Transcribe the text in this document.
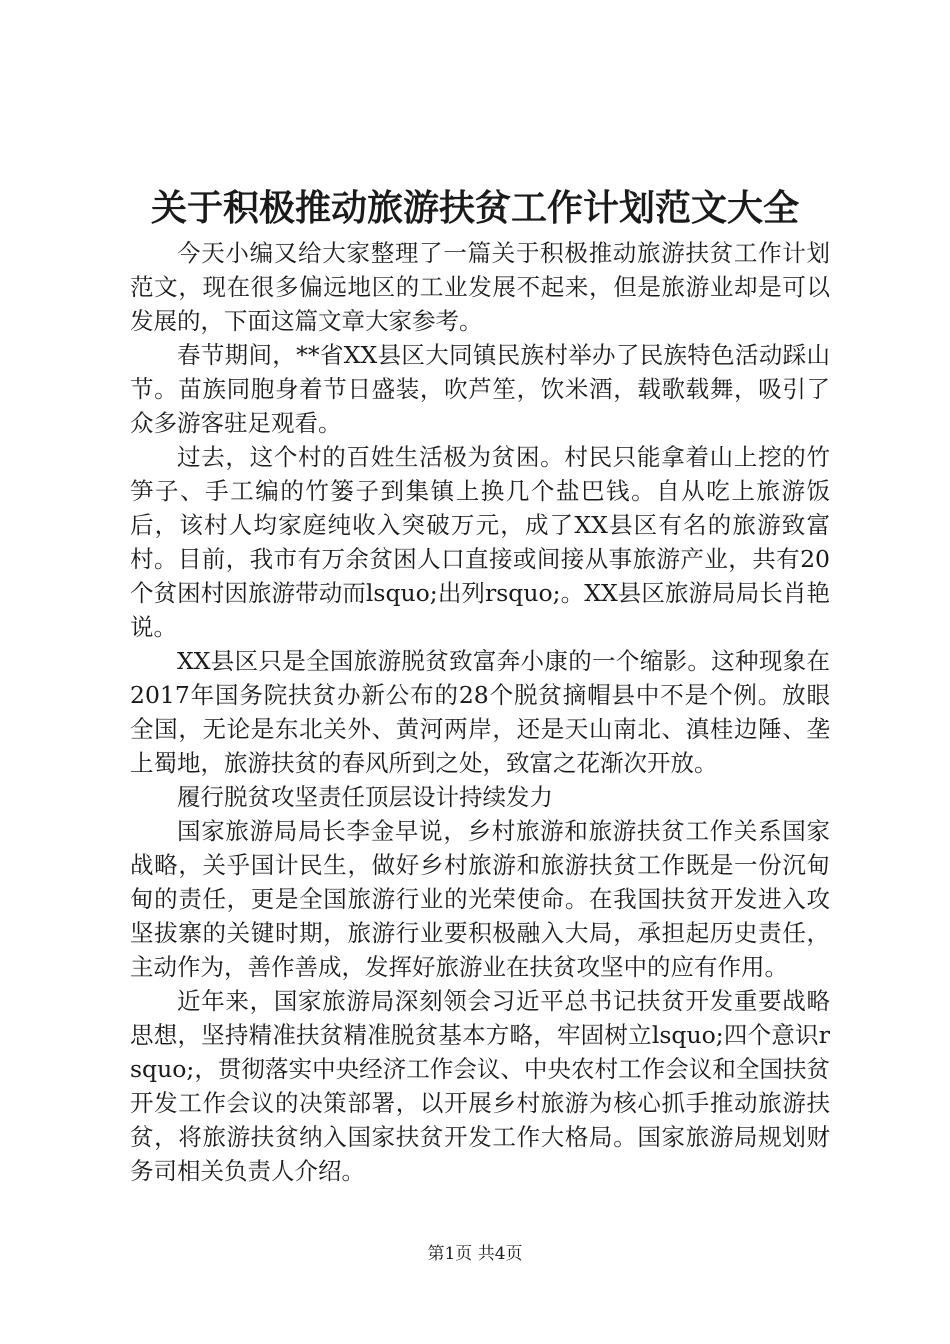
关于积极推动旅游扶贫工作计划范文大全

今天小编又给大家整理了一篇关于积极推动旅游扶贫工作计划范文，现在很多偏远地区的工业发展不起来，但是旅游业却是可以发展的，下面这篇文章大家参考。

春节期间，**省XX县区大同镇民族村举办了民族特色活动踩山节。苗族同胞身着节日盛装，吹芦笙，饮米酒，载歌载舞，吸引了众多游客驻足观看。

过去，这个村的百姓生活极为贫困。村民只能拿着山上挖的竹笋子、手工编的竹篓子到集镇上换几个盐巴钱。自从吃上旅游饭后，该村人均家庭纯收入突破万元，成了XX县区有名的旅游致富村。目前，我市有万余贫困人口直接或间接从事旅游产业，共有20个贫困村因旅游带动而lsquo;出列rsquo;。XX县区旅游局局长肖艳说。

XX县区只是全国旅游脱贫致富奔小康的一个缩影。这种现象在2017年国务院扶贫办新公布的28个脱贫摘帽县中不是个例。放眼全国，无论是东北关外、黄河两岸，还是天山南北、滇桂边陲、垄上蜀地，旅游扶贫的春风所到之处，致富之花渐次开放。

履行脱贫攻坚责任顶层设计持续发力

国家旅游局局长李金早说，乡村旅游和旅游扶贫工作关系国家战略，关乎国计民生，做好乡村旅游和旅游扶贫工作既是一份沉甸甸的责任，更是全国旅游行业的光荣使命。在我国扶贫开发进入攻坚拔寨的关键时期，旅游行业要积极融入大局，承担起历史责任，主动作为，善作善成，发挥好旅游业在扶贫攻坚中的应有作用。

近年来，国家旅游局深刻领会习近平总书记扶贫开发重要战略思想，坚持精准扶贫精准脱贫基本方略，牢固树立lsquo;四个意识rsquo;，贯彻落实中央经济工作会议、中央农村工作会议和全国扶贫开发工作会议的决策部署，以开展乡村旅游为核心抓手推动旅游扶贫，将旅游扶贫纳入国家扶贫开发工作大格局。国家旅游局规划财务司相关负责人介绍。

第1页 共4页
